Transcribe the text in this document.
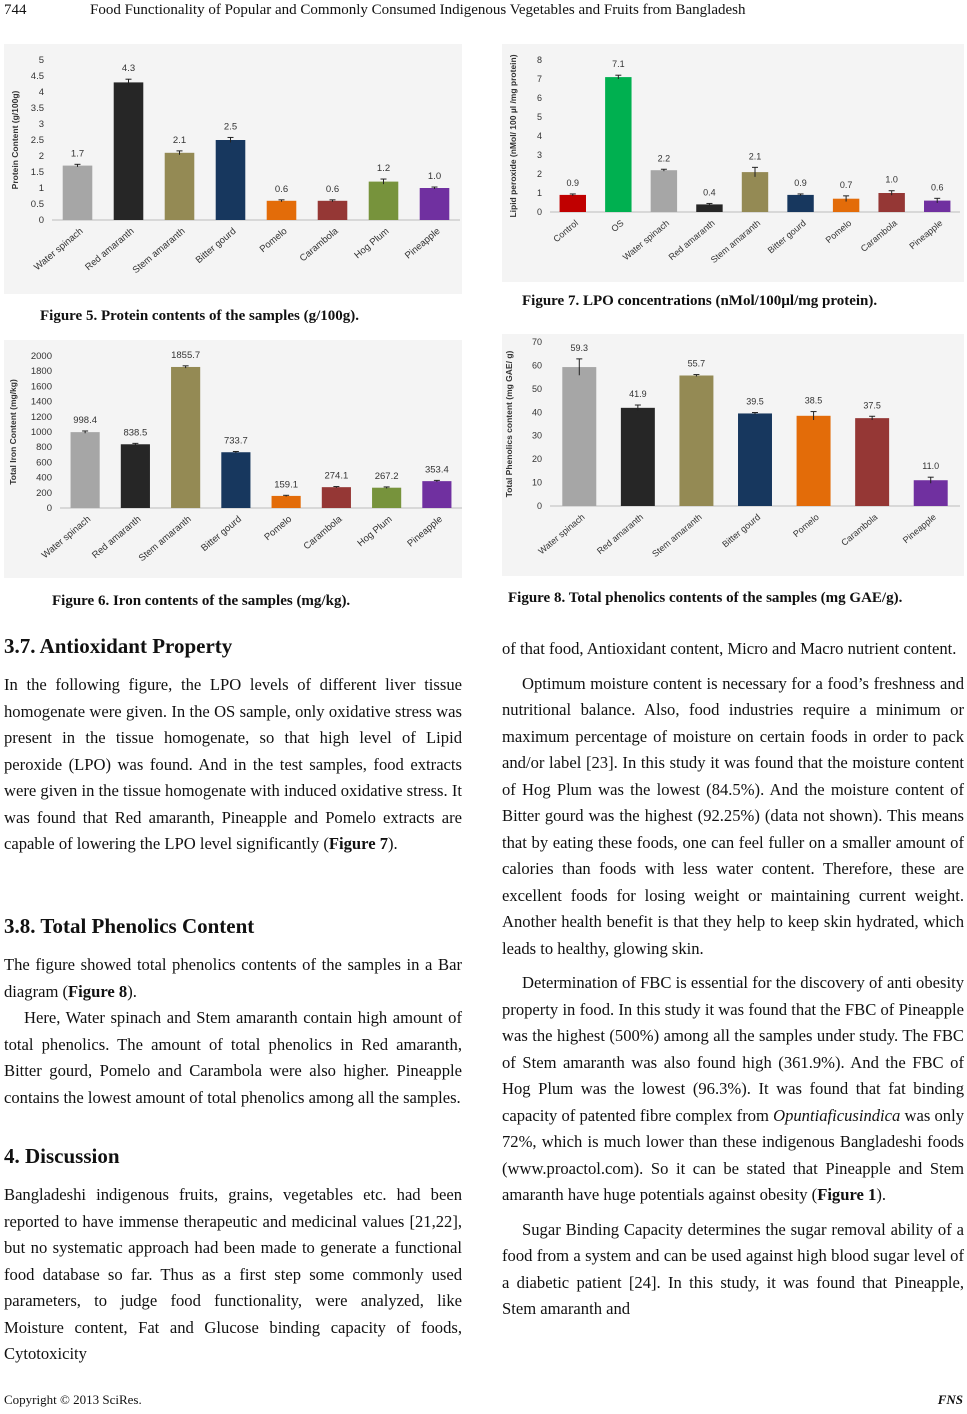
744	Food Functionality of Popular and Commonly Consumed Indigenous Vegetables and Fruits from Bangladesh
Protein Content (g/100g)
0
0.5
1
1.5
2
2.5
3
3.5
4
4.5
5
1.7
Water spinach
4.3
Red amaranth
2.1
Stem amaranth
2.5
Bitter gourd
0.6
Pomelo
0.6
Carambola
1.2
Hog Plum
1.0
Pineapple
Figure 5. Protein contents of the samples (g/100g).
Total Iron Content (mg/kg)
0
200
400
600
800
1000
1200
1400
1600
1800
2000
998.4
Water spinach
838.5
Red amaranth
1855.7
Stem amaranth
733.7
Bitter gourd
159.1
Pomelo
274.1
Carambola
267.2
Hog Plum
353.4
Pineapple
Figure 6. Iron contents of the samples (mg/kg).
Lipid peroxide (nMol/ 100 µl /mg protein) 0
1
2
3
4
5
6
7
8
0.9
Control
7.1
OS
2.2
Water spinach
0.4
Red amaranth
2.1
Stem amaranth
0.9
Bitter gourd
0.7
Pomelo
1.0
Carambola
0.6
Pineapple
Figure 7. LPO concentrations (nMol/100µl/mg protein).
Total Phenolics content (mg GAE/ g)
0
10
20
30
40
50
60
70
59.3
Water spinach
41.9
Red amaranth
55.7
Stem amaranth
39.5
Bitter gourd
38.5
Pomelo
37.5
Carambola
11.0
Pineapple
Figure 8. Total phenolics contents of the samples (mg GAE/g).
3.7. Antioxidant Property

In the following figure, the LPO levels of different liver tissue homogenate were given. In the OS sample, only oxidative stress was present in the tissue homogenate, so that high level of Lipid peroxide (LPO) was found. And in the test samples, food extracts were given in the tissue homogenate with induced oxidative stress. It was found that Red amaranth, Pineapple and Pomelo extracts are capable of lowering the LPO level significantly (Figure 7).

3.8. Total Phenolics Content

The figure showed total phenolics contents of the samples in a Bar diagram (Figure 8).

Here, Water spinach and Stem amaranth contain high amount of total phenolics. The amount of total phenolics in Red amaranth, Bitter gourd, Pomelo and Carambola were also higher. Pineapple contains the lowest amount of total phenolics among all the samples.

4. Discussion

Bangladeshi indigenous fruits, grains, vegetables etc. had been reported to have immense therapeutic and medicinal values [21,22], but no systematic approach had been made to generate a functional food database so far. Thus as a first step some commonly used parameters, to judge food functionality, were analyzed, like Moisture content, Fat and Glucose binding capacity of foods, Cytotoxicity

of that food, Antioxidant content, Micro and Macro nutrient content.

Optimum moisture content is necessary for a food’s freshness and nutritional balance. Also, food industries require a minimum or maximum percentage of moisture on certain foods in order to pack and/or label [23]. In this study it was found that the moisture content of Hog Plum was the lowest (84.5%). And the moisture content of Bitter gourd was the highest (92.25%) (data not shown). This means that by eating these foods, one can feel fuller on a smaller amount of calories than foods with less water content. Therefore, these are excellent foods for losing weight or maintaining current weight. Another health benefit is that they help to keep skin hydrated, which leads to healthy, glowing skin.

Determination of FBC is essential for the discovery of anti obesity property in food. In this study it was found that the FBC of Pineapple was the highest (500%) among all the samples under study. The FBC of Stem amaranth was also found high (361.9%). And the FBC of Hog Plum was the lowest (96.3%). It was found that fat binding capacity of patented fibre complex from Opuntiaficusindica was only 72%, which is much lower than these indigenous Bangladeshi foods (www.proactol.com). So it can be stated that Pineapple and Stem amaranth have huge potentials against obesity (Figure 1).

Sugar Binding Capacity determines the sugar removal ability of a food from a system and can be used against high blood sugar level of a diabetic patient [24]. In this study, it was found that Pineapple, Stem amaranth and

Copyright © 2013 SciRes.	FNS
